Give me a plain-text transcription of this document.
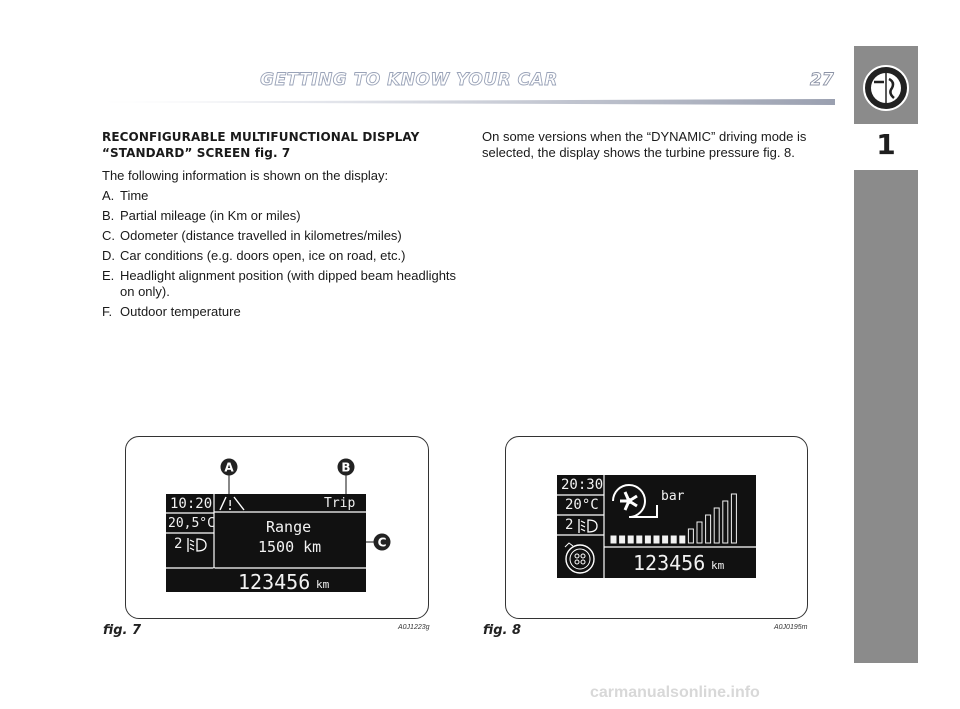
GETTING TO KNOW YOUR CAR	27
1
RECONFIGURABLE MULTIFUNCTIONAL DISPLAY
“STANDARD” SCREEN fig. 7
The following information is shown on the display:
A. Time
B. Partial mileage (in Km or miles)
C. Odometer (distance travelled in kilometres/miles)
D. Car conditions (e.g. doors open, ice on road, etc.)
E. Headlight alignment position (with dipped beam headlights on only).
F. Outdoor temperature
On some versions when the “DYNAMIC” driving mode is selected, the display shows the turbine pressure fig. 8.
10:20
20,5°C
2
Trip
Range
1500 km
123456 km
A	B
C
fig. 7	A0J1223g
20:30
20°C
2
bar
123456 km
fig. 8	A0J0195m
carmanualsonline.info
